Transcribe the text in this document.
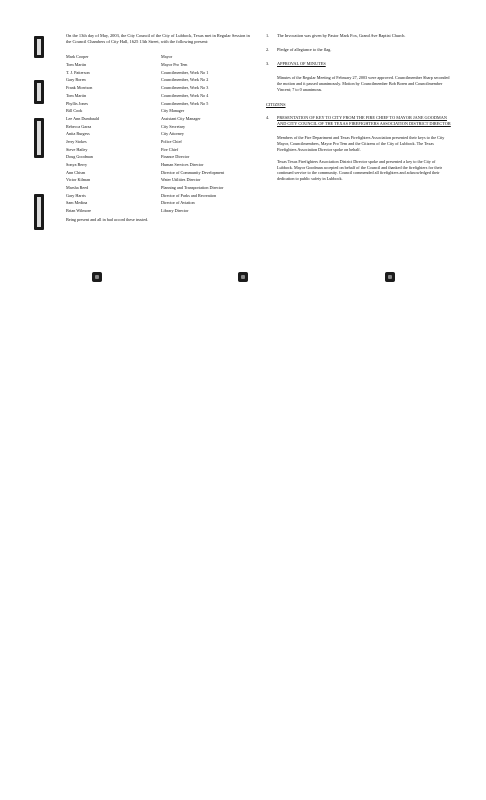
On the 13th day of May, 2003, the City Council of the City of Lubbock, Texas met in Regular Session in the Council Chambers of City Hall, 1625 13th Street, with the following present:

Mark Cooper	Mayor
Tom Martin	Mayor Pro Tem
T. J. Patterson	Councilmember, Work No 1
Gary Boren	Councilmember, Work No 2
Frank Morrison	Councilmember, Work No 3
Tom Martin	Councilmember, Work No 4
Phyllis Jones	Councilmember, Work No 5
Bill Cook	City Manager
Lee Ann Dumbauld	Assistant City Manager
Rebecca Garza	City Secretary
Anita Burgess	City Attorney
Jerry Stokes	Police Chief
Steve Hailey	Fire Chief
Doug Goodman	Finance Director
Sonya Berry	Human Services Director
Ann Chism	Director of Community Development
Victor Kilman	Water Utilities Director
Marsha Reed	Planning and Transportation Director
Gary Harris	Director of Parks and Recreation
Sam Medina	Director of Aviation
Brian Wilmore	Library Director

Being present and all in bad accord these trusted.

1.	The Invocation was given by Pastor Mark Fox, Grand Ave Baptist Church.
2.	Pledge of allegiance to the flag.
3.	APPROVAL OF MINUTES

Minutes of the Regular Meeting of February 27, 2003 were approved. Councilmember Sharp seconded the motion and it passed unanimously. Motion by Councilmember Bob Boren and Councilmember Vincent; 7 to 0 unanimous.

CITIZENS
4.	PRESENTATION OF KEY TO CITY FROM THE FIRE CHIEF TO MAYOR JANE GOODMAN AND CITY COUNCIL OF THE TEXAS FIREFIGHTERS ASSOCIATION DISTRICT DIRECTOR

Members of the Fire Department and Texas Firefighters Association presented their keys to the City Mayor, Councilmembers, Mayor Pro Tem and the Citizens of the City of Lubbock. The Texas Firefighters Association Director spoke on behalf.

Texas Texas Firefighters Association District Director spoke and presented a key to the City of Lubbock. Mayor Goodman accepted on behalf of the Council and thanked the firefighters for their continued service to the community. Council commended all firefighters and acknowledged their dedication to public safety in Lubbock.
